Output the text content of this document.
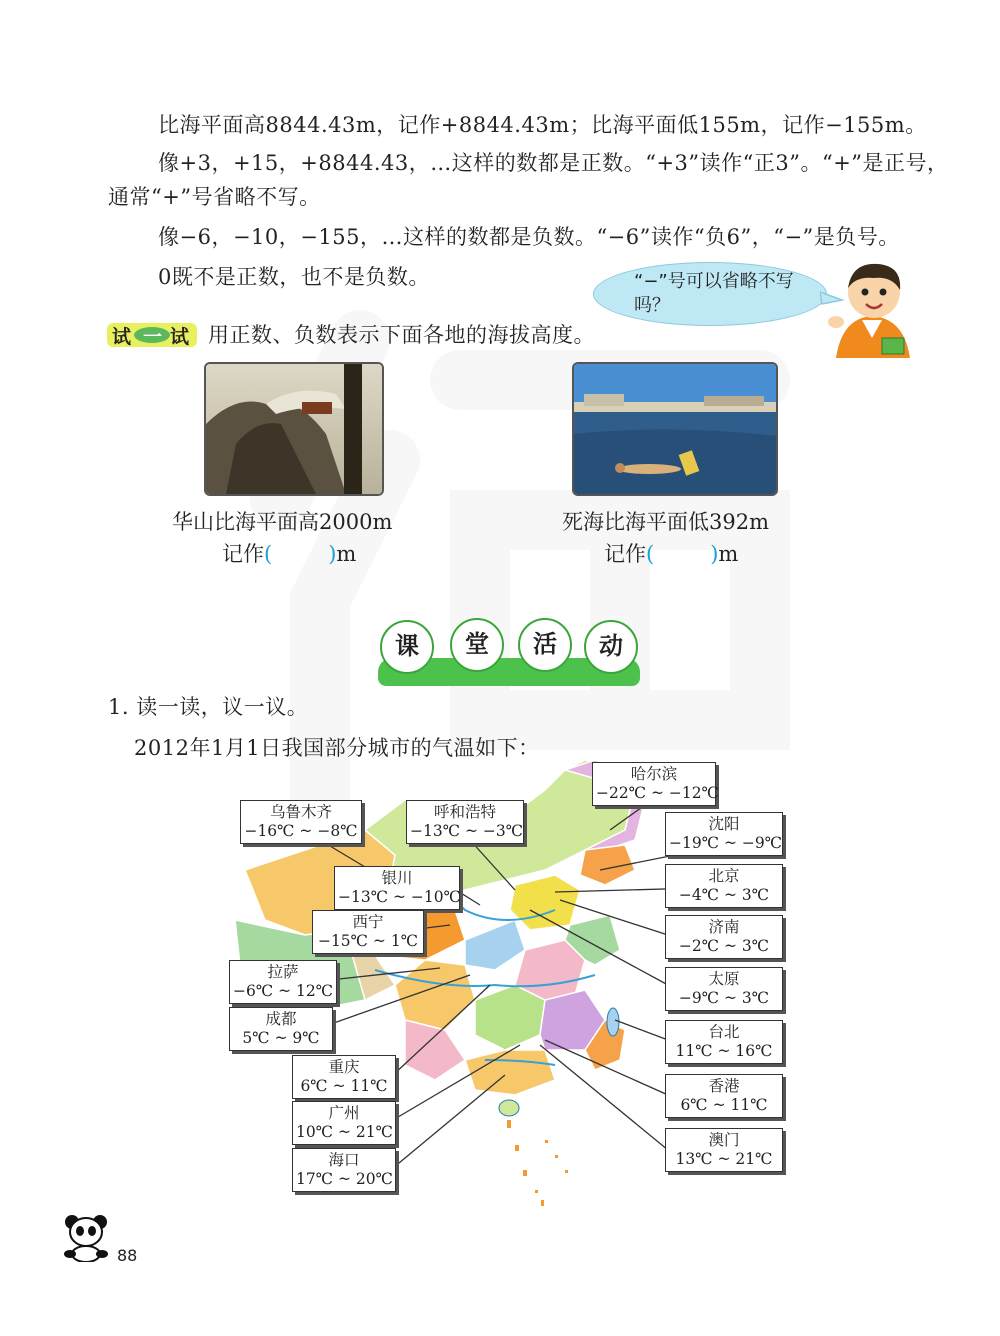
比海平面高8844.43m，记作+8844.43m；比海平面低155m，记作−155m。
像+3，+15，+8844.43，…这样的数都是正数。“+3”读作“正3”。“+”是正号，
通常“+”号省略不写。
像−6，−10，−155，…这样的数都是负数。“−6”读作“负6”，“−”是负号。
0既不是正数，也不是负数。	“−”号可以省略不写吗？
试 一 试 用正数、负数表示下面各地的海拔高度。
华山比海平面高2000m
记作(	)m
死海比海平面低392m
记作(	)m
课	堂	活	动
1. 读一读，议一议。
2012年1月1日我国部分城市的气温如下：
哈尔滨
−22℃ ~ −12℃
乌鲁木齐
−16℃ ~ −8℃
呼和浩特
−13℃ ~ −3℃	沈阳
−19℃ ~ −9℃
银川
−13℃ ~ −10℃
北京
−4℃ ~ 3℃
西宁
−15℃ ~ 1℃
济南
−2℃ ~ 3℃
拉萨
−6℃ ~ 12℃
太原
−9℃ ~ 3℃
成都
5℃ ~ 9℃	台北
11℃ ~ 16℃
重庆
6℃ ~ 11℃	香港
6℃ ~ 11℃
广州
10℃ ~ 21℃	澳门
13℃ ~ 21℃
海口
17℃ ~ 20℃
88
